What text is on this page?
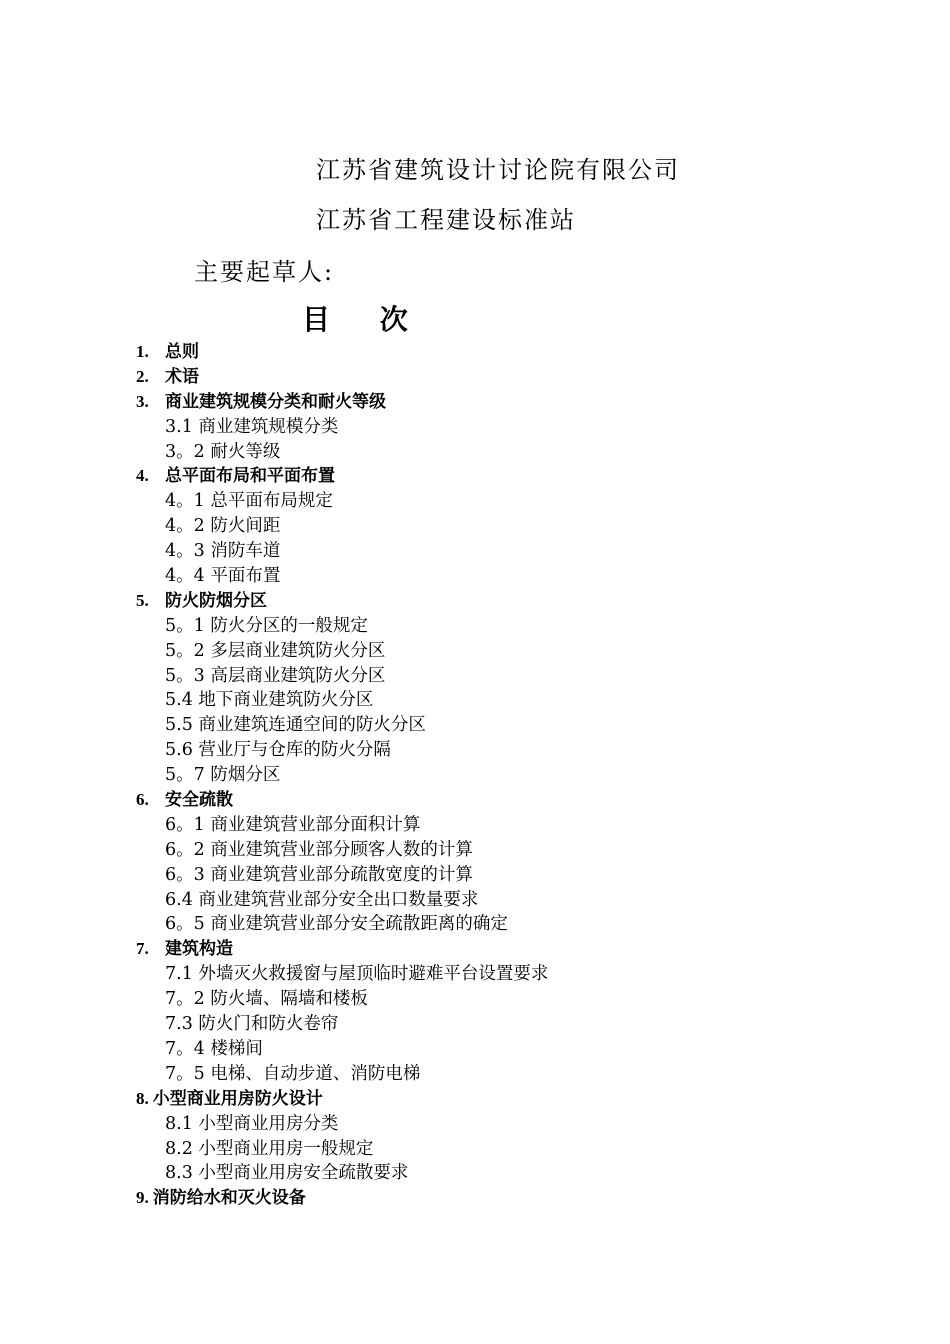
江苏省建筑设计讨论院有限公司
江苏省工程建设标准站
主要起草人:
目 次
1. 总则
2. 术语
3. 商业建筑规模分类和耐火等级
3.1 商业建筑规模分类
3。2 耐火等级
4. 总平面布局和平面布置
4。1 总平面布局规定
4。2 防火间距
4。3 消防车道
4。4 平面布置
5. 防火防烟分区
5。1 防火分区的一般规定
5。2 多层商业建筑防火分区
5。3 高层商业建筑防火分区
5.4 地下商业建筑防火分区
5.5 商业建筑连通空间的防火分区
5.6 营业厅与仓库的防火分隔
5。7 防烟分区
6. 安全疏散
6。1 商业建筑营业部分面积计算
6。2 商业建筑营业部分顾客人数的计算
6。3 商业建筑营业部分疏散宽度的计算
6.4 商业建筑营业部分安全出口数量要求
6。5 商业建筑营业部分安全疏散距离的确定
7. 建筑构造
7.1 外墙灭火救援窗与屋顶临时避难平台设置要求
7。2 防火墙、隔墙和楼板
7.3 防火门和防火卷帘
7。4 楼梯间
7。5 电梯、自动步道、消防电梯
8. 小型商业用房防火设计
8.1 小型商业用房分类
8.2 小型商业用房一般规定
8.3 小型商业用房安全疏散要求
9. 消防给水和灭火设备
